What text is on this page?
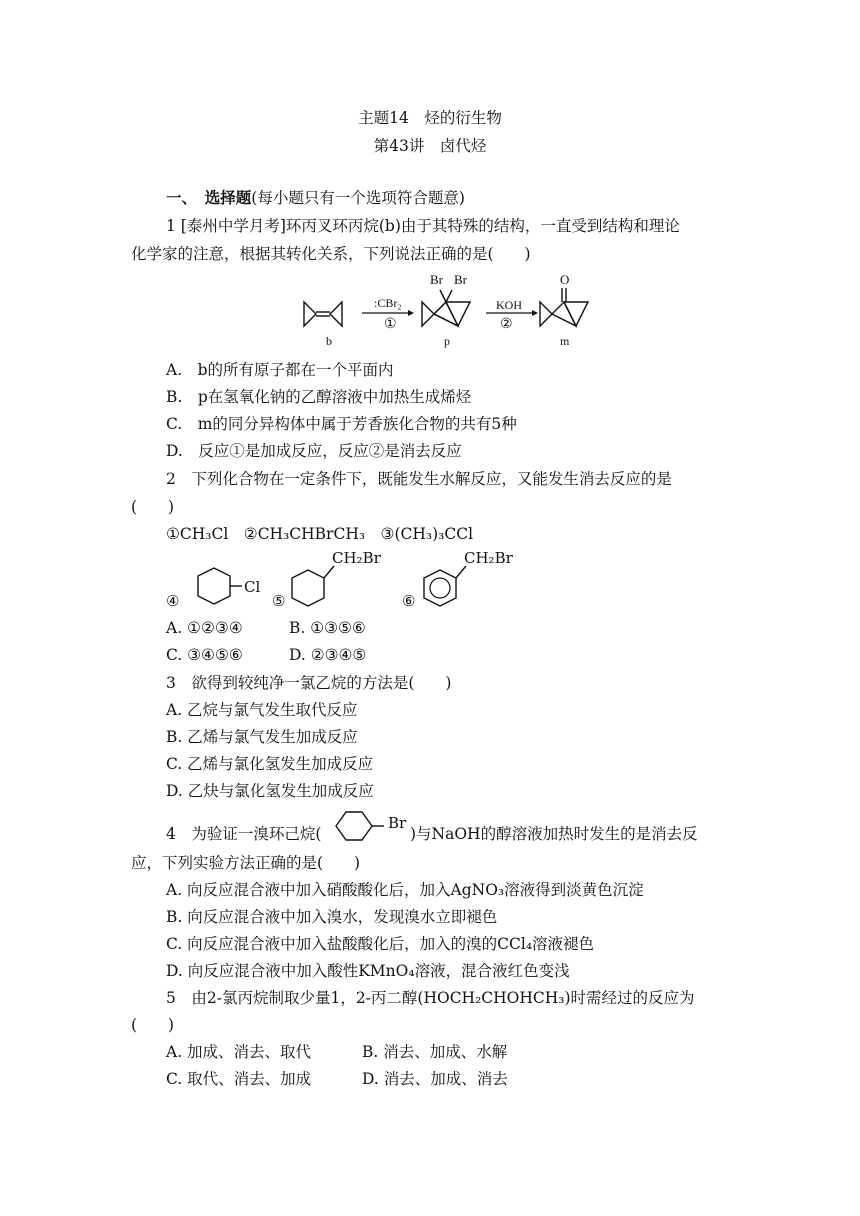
主题14　烃的衍生物
第43讲　卤代烃
一、　选择题(每小题只有一个选项符合题意)
1 [泰州中学月考]环丙叉环丙烷(b)由于其特殊的结构，一直受到结构和理论
化学家的注意，根据其转化关系，下列说法正确的是(　　)
:CBr₂
①
KOH
②
Br Br	O
b	p	m
A.　b的所有原子都在一个平面内
B.　p在氢氧化钠的乙醇溶液中加热生成烯烃
C.　m的同分异构体中属于芳香族化合物的共有5种
D.　反应①是加成反应，反应②是消去反应
2　下列化合物在一定条件下，既能发生水解反应，又能发生消去反应的是
(　　)
①CH₃Cl　②CH₃CHBrCH₃　③(CH₃)₃CCl
④
Cl
⑤
CH₂Br
⑥
CH₂Br
A. ①②③④	B. ①③⑤⑥
C. ③④⑤⑥	D. ②③④⑤
3　欲得到较纯净一氯乙烷的方法是(　　)
A. 乙烷与氯气发生取代反应
B. 乙烯与氯气发生加成反应
C. 乙烯与氯化氢发生加成反应
D. 乙炔与氯化氢发生加成反应
4　为验证一溴环己烷(
Br
)与NaOH的醇溶液加热时发生的是消去反
应，下列实验方法正确的是(　　)
A. 向反应混合液中加入硝酸酸化后，加入AgNO₃溶液得到淡黄色沉淀
B. 向反应混合液中加入溴水，发现溴水立即褪色
C. 向反应混合液中加入盐酸酸化后，加入的溴的CCl₄溶液褪色
D. 向反应混合液中加入酸性KMnO₄溶液，混合液红色变浅
5　由2-氯丙烷制取少量1，2-丙二醇(HOCH₂CHOHCH₃)时需经过的反应为
(　　)
A. 加成、消去、取代	B. 消去、加成、水解
C. 取代、消去、加成	D. 消去、加成、消去
